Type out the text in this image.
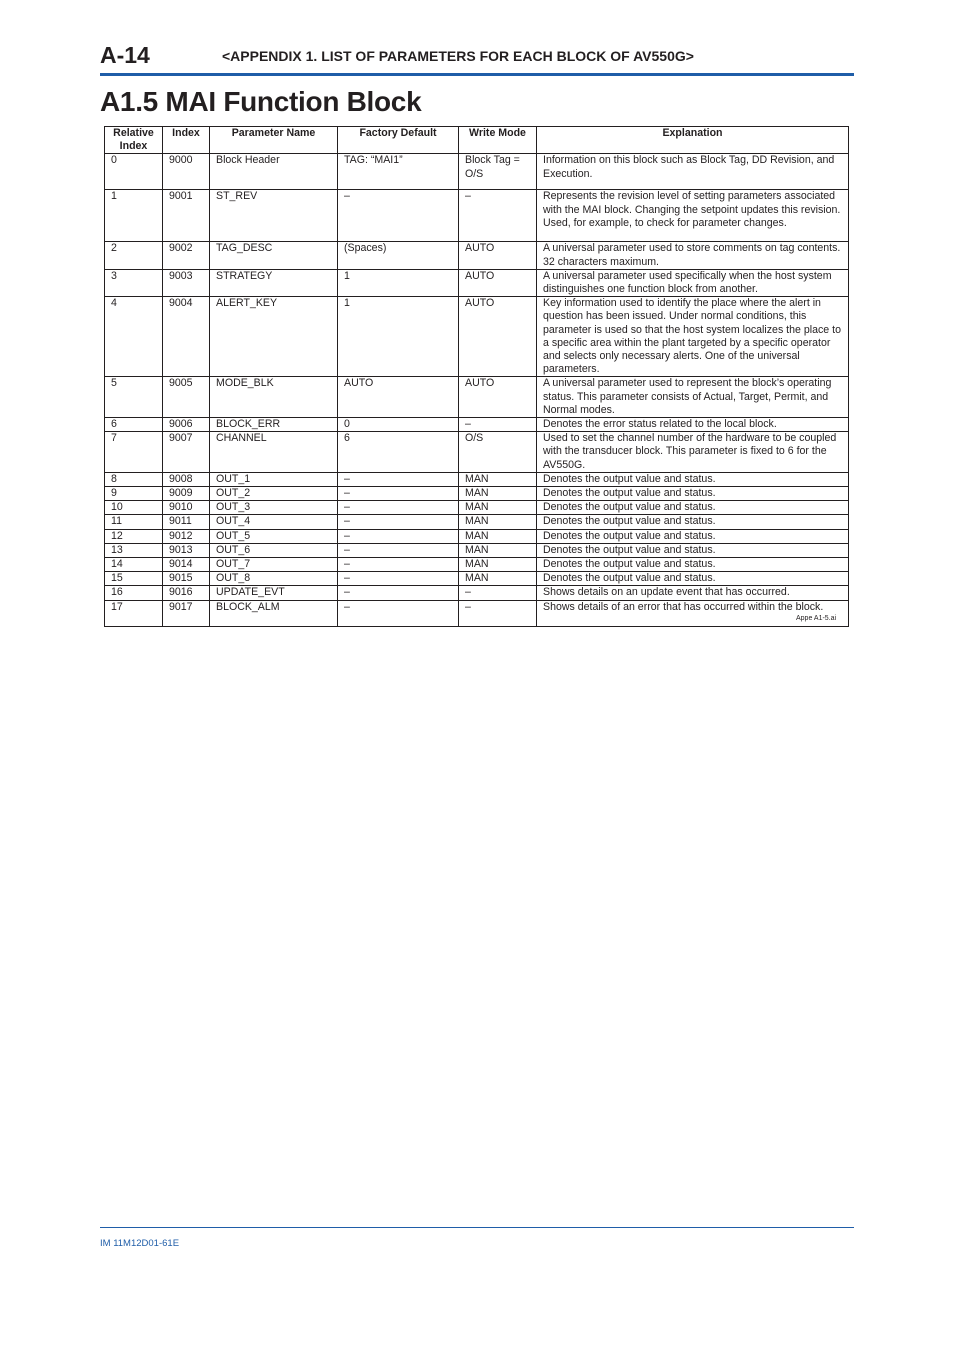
A-14	<APPENDIX 1. LIST OF PARAMETERS FOR EACH BLOCK OF AV550G>
A1.5 MAI Function Block
Relative Index	Index	Parameter Name	Factory Default	Write Mode	Explanation
0	9000	Block Header	TAG: “MAI1”	Block Tag = O/S	Information on this block such as Block Tag, DD Revision, and Execution.
1	9001	ST_REV	–	–	Represents the revision level of setting parameters associated with the MAI block. Changing the setpoint updates this revision. Used, for example, to check for parameter changes.
2	9002	TAG_DESC	(Spaces)	AUTO	A universal parameter used to store comments on tag contents. 32 characters maximum.
3	9003	STRATEGY	1	AUTO	A universal parameter used specifically when the host system distinguishes one function block from another.
4	9004	ALERT_KEY	1	AUTO	Key information used to identify the place where the alert in question has been issued. Under normal conditions, this parameter is used so that the host system localizes the place to a specific area within the plant targeted by a specific operator and selects only necessary alerts. One of the universal parameters.
5	9005	MODE_BLK	AUTO	AUTO	A universal parameter used to represent the block’s operating status. This parameter consists of Actual, Target, Permit, and Normal modes.
6	9006	BLOCK_ERR	0	–	Denotes the error status related to the local block.
7	9007	CHANNEL	6	O/S	Used to set the channel number of the hardware to be coupled with the transducer block. This parameter is fixed to 6 for the AV550G.
8	9008	OUT_1	–	MAN	Denotes the output value and status.
9	9009	OUT_2	–	MAN	Denotes the output value and status.
10	9010	OUT_3	–	MAN	Denotes the output value and status.
11	9011	OUT_4	–	MAN	Denotes the output value and status.
12	9012	OUT_5	–	MAN	Denotes the output value and status.
13	9013	OUT_6	–	MAN	Denotes the output value and status.
14	9014	OUT_7	–	MAN	Denotes the output value and status.
15	9015	OUT_8	–	MAN	Denotes the output value and status.
16	9016	UPDATE_EVT	–	–	Shows details on an update event that has occurred.
17	9017	BLOCK_ALM	–	–	Shows details of an error that has occurred within the block.
Appe A1-5.ai
IM 11M12D01-61E
